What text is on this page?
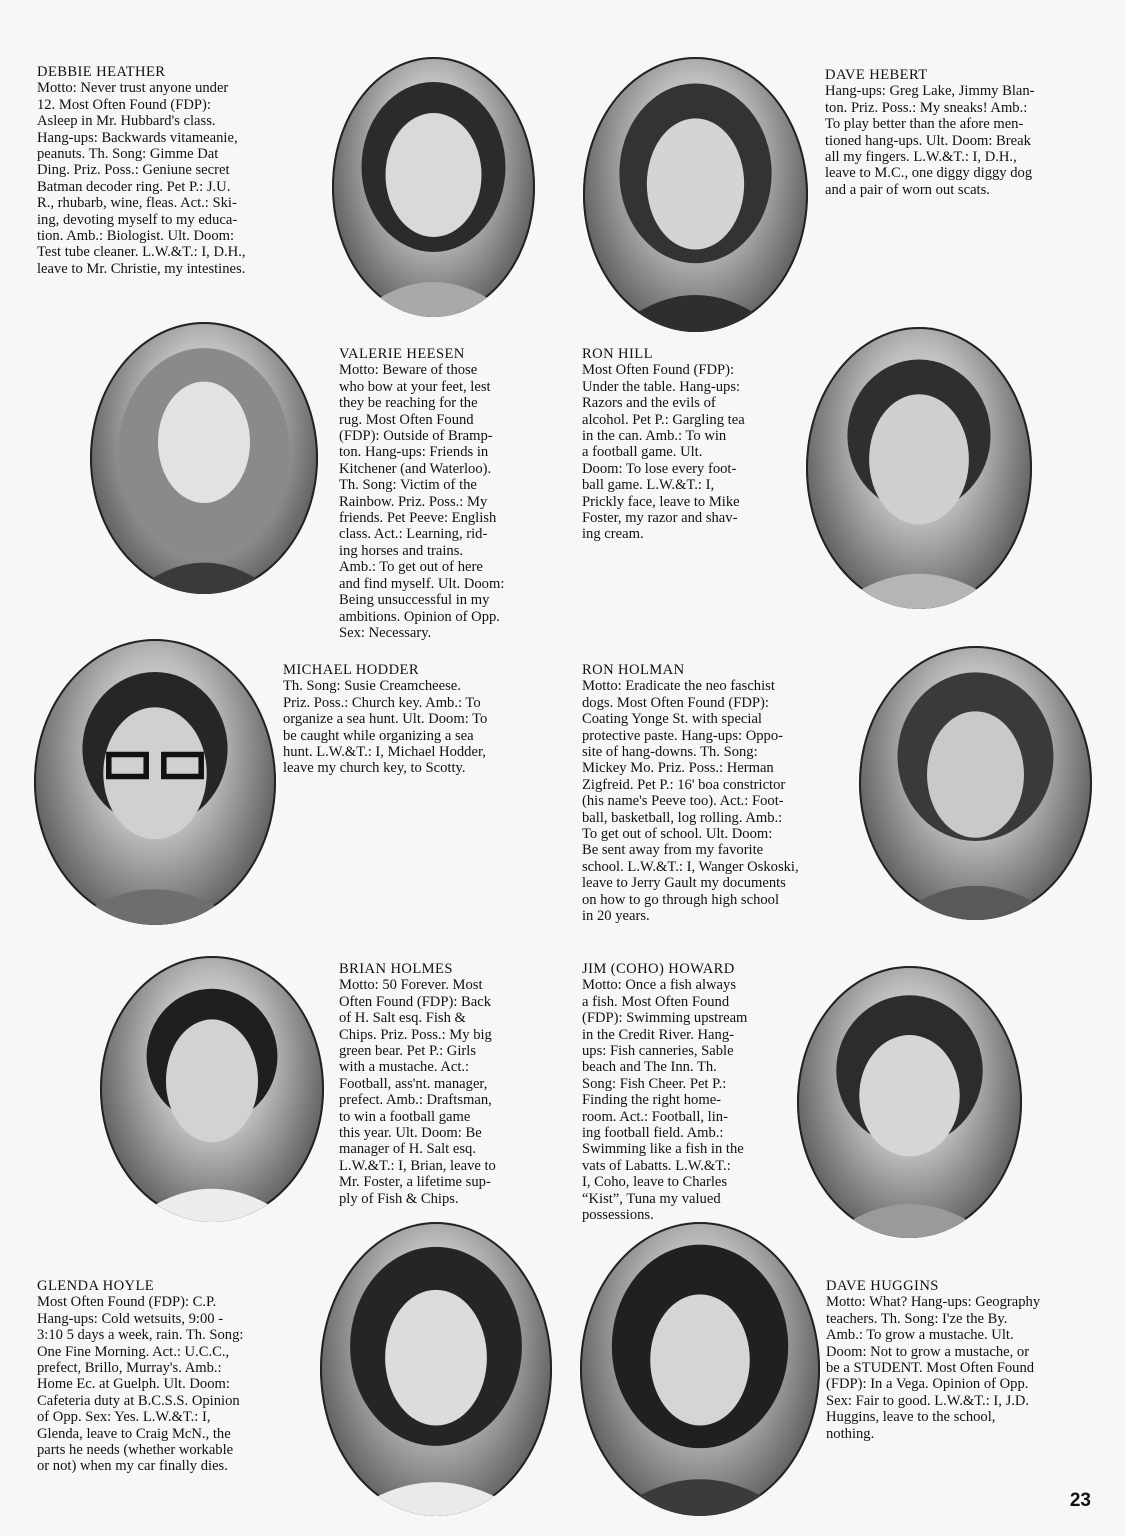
DEBBIE HEATHER
Motto: Never trust anyone under
12. Most Often Found (FDP):
Asleep in Mr. Hubbard's class.
Hang-ups: Backwards vitameanie,
peanuts. Th. Song: Gimme Dat
Ding. Priz. Poss.: Geniune secret
Batman decoder ring. Pet P.: J.U.
R., rhubarb, wine, fleas. Act.: Ski-
ing, devoting myself to my educa-
tion. Amb.: Biologist. Ult. Doom:
Test tube cleaner. L.W.&T.: I, D.H.,
leave to Mr. Christie, my intestines.
DAVE HEBERT
Hang-ups: Greg Lake, Jimmy Blan-
ton. Priz. Poss.: My sneaks! Amb.:
To play better than the afore men-
tioned hang-ups. Ult. Doom: Break
all my fingers. L.W.&T.: I, D.H.,
leave to M.C., one diggy diggy dog
and a pair of worn out scats.
VALERIE HEESEN
Motto: Beware of those
who bow at your feet, lest
they be reaching for the
rug. Most Often Found
(FDP): Outside of Bramp-
ton. Hang-ups: Friends in
Kitchener (and Waterloo).
Th. Song: Victim of the
Rainbow. Priz. Poss.: My
friends. Pet Peeve: English
class. Act.: Learning, rid-
ing horses and trains.
Amb.: To get out of here
and find myself. Ult. Doom:
Being unsuccessful in my
ambitions. Opinion of Opp.
Sex: Necessary.
RON HILL
Most Often Found (FDP):
Under the table. Hang-ups:
Razors and the evils of
alcohol. Pet P.: Gargling tea
in the can. Amb.: To win
a football game. Ult.
Doom: To lose every foot-
ball game. L.W.&T.: I,
Prickly face, leave to Mike
Foster, my razor and shav-
ing cream.
MICHAEL HODDER
Th. Song: Susie Creamcheese.
Priz. Poss.: Church key. Amb.: To
organize a sea hunt. Ult. Doom: To
be caught while organizing a sea
hunt. L.W.&T.: I, Michael Hodder,
leave my church key, to Scotty.
RON HOLMAN
Motto: Eradicate the neo faschist
dogs. Most Often Found (FDP):
Coating Yonge St. with special
protective paste. Hang-ups: Oppo-
site of hang-downs. Th. Song:
Mickey Mo. Priz. Poss.: Herman
Zigfreid. Pet P.: 16' boa constrictor
(his name's Peeve too). Act.: Foot-
ball, basketball, log rolling. Amb.:
To get out of school. Ult. Doom:
Be sent away from my favorite
school. L.W.&T.: I, Wanger Oskoski,
leave to Jerry Gault my documents
on how to go through high school
in 20 years.
BRIAN HOLMES
Motto: 50 Forever. Most
Often Found (FDP): Back
of H. Salt esq. Fish &
Chips. Priz. Poss.: My big
green bear. Pet P.: Girls
with a mustache. Act.:
Football, ass'nt. manager,
prefect. Amb.: Draftsman,
to win a football game
this year. Ult. Doom: Be
manager of H. Salt esq.
L.W.&T.: I, Brian, leave to
Mr. Foster, a lifetime sup-
ply of Fish & Chips.
JIM (COHO) HOWARD
Motto: Once a fish always
a fish. Most Often Found
(FDP): Swimming upstream
in the Credit River. Hang-
ups: Fish canneries, Sable
beach and The Inn. Th.
Song: Fish Cheer. Pet P.:
Finding the right home-
room. Act.: Football, lin-
ing football field. Amb.:
Swimming like a fish in the
vats of Labatts. L.W.&T.:
I, Coho, leave to Charles
“Kist”, Tuna my valued
possessions.
GLENDA HOYLE
Most Often Found (FDP): C.P.
Hang-ups: Cold wetsuits, 9:00 -
3:10 5 days a week, rain. Th. Song:
One Fine Morning. Act.: U.C.C.,
prefect, Brillo, Murray's. Amb.:
Home Ec. at Guelph. Ult. Doom:
Cafeteria duty at B.C.S.S. Opinion
of Opp. Sex: Yes. L.W.&T.: I,
Glenda, leave to Craig McN., the
parts he needs (whether workable
or not) when my car finally dies.
DAVE HUGGINS
Motto: What? Hang-ups: Geography
teachers. Th. Song: I'ze the By.
Amb.: To grow a mustache. Ult.
Doom: Not to grow a mustache, or
be a STUDENT. Most Often Found
(FDP): In a Vega. Opinion of Opp.
Sex: Fair to good. L.W.&T.: I, J.D.
Huggins, leave to the school,
nothing.
23
